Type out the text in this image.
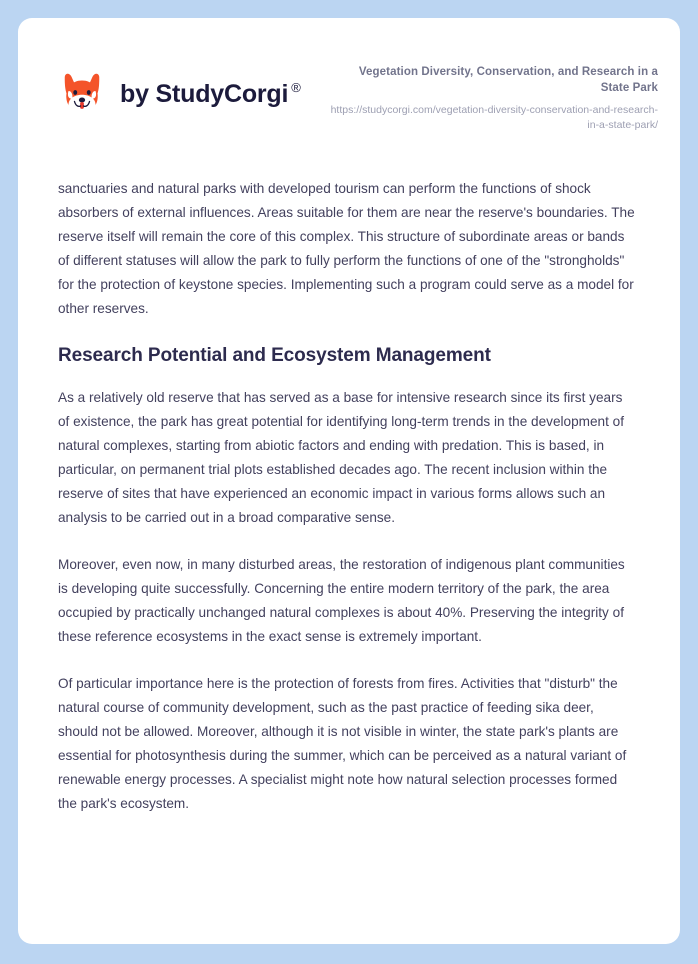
by StudyCorgi ®
Vegetation Diversity, Conservation, and Research in a State Park
https://studycorgi.com/vegetation-diversity-conservation-and-research-in-a-state-park/

sanctuaries and natural parks with developed tourism can perform the functions of shock absorbers of external influences. Areas suitable for them are near the reserve's boundaries. The reserve itself will remain the core of this complex. This structure of subordinate areas or bands of different statuses will allow the park to fully perform the functions of one of the "strongholds" for the protection of keystone species. Implementing such a program could serve as a model for other reserves.

Research Potential and Ecosystem Management

As a relatively old reserve that has served as a base for intensive research since its first years of existence, the park has great potential for identifying long-term trends in the development of natural complexes, starting from abiotic factors and ending with predation. This is based, in particular, on permanent trial plots established decades ago. The recent inclusion within the reserve of sites that have experienced an economic impact in various forms allows such an analysis to be carried out in a broad comparative sense.

Moreover, even now, in many disturbed areas, the restoration of indigenous plant communities is developing quite successfully. Concerning the entire modern territory of the park, the area occupied by practically unchanged natural complexes is about 40%. Preserving the integrity of these reference ecosystems in the exact sense is extremely important.

Of particular importance here is the protection of forests from fires. Activities that "disturb" the natural course of community development, such as the past practice of feeding sika deer, should not be allowed. Moreover, although it is not visible in winter, the state park's plants are essential for photosynthesis during the summer, which can be perceived as a natural variant of renewable energy processes. A specialist might note how natural selection processes formed the park's ecosystem.
